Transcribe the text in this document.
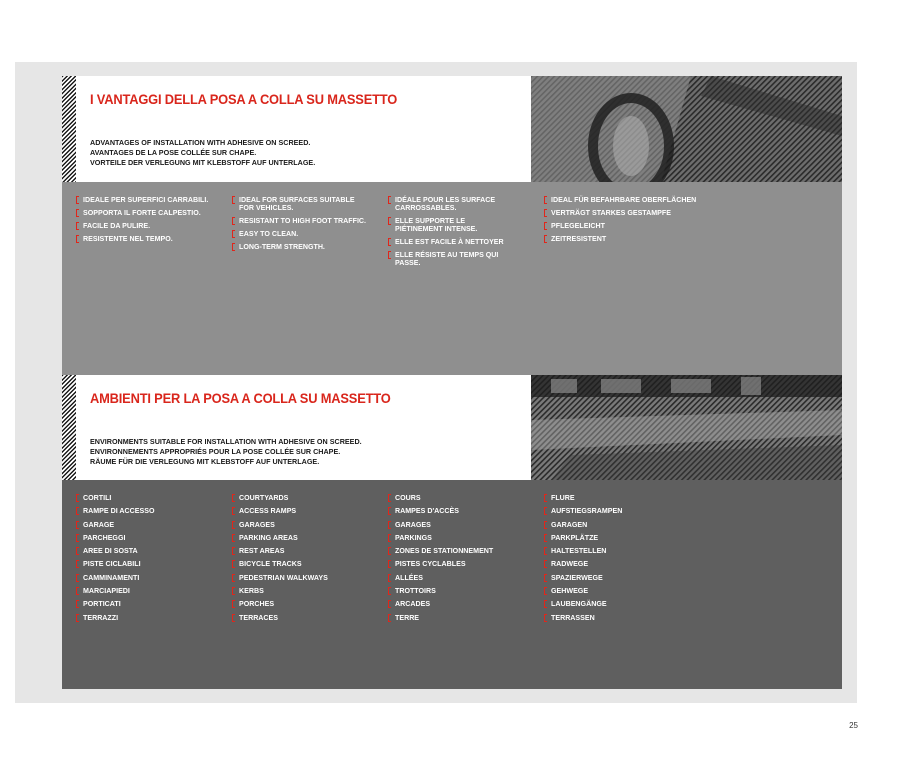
I VANTAGGI DELLA POSA A COLLA SU MASSETTO
ADVANTAGES OF INSTALLATION WITH ADHESIVE ON SCREED.
AVANTAGES DE LA POSE COLLÉE SUR CHAPE.
VORTEILE DER VERLEGUNG MIT KLEBSTOFF AUF UNTERLAGE.
IDEALE PER SUPERFICI CARRABILI.
SOPPORTA IL FORTE CALPESTIO.
FACILE DA PULIRE.
RESISTENTE NEL TEMPO.
IDEAL FOR SURFACES SUITABLE FOR VEHICLES.
RESISTANT TO HIGH FOOT TRAFFIC.
EASY TO CLEAN.
LONG-TERM STRENGTH.
IDÉALE POUR LES SURFACE CARROSSABLES.
ELLE SUPPORTE LE PIÉTINEMENT INTENSE.
ELLE EST FACILE À NETTOYER
ELLE RÉSISTE AU TEMPS QUI PASSE.
IDEAL FÜR BEFAHRBARE OBERFLÄCHEN
VERTRÄGT STARKES GESTAMPFE
PFLEGELEICHT
ZEITRESISTENT
AMBIENTI PER LA POSA A COLLA SU MASSETTO
ENVIRONMENTS SUITABLE FOR INSTALLATION WITH ADHESIVE ON SCREED.
ENVIRONNEMENTS APPROPRIÉS POUR LA POSE COLLÉE SUR CHAPE.
RÄUME FÜR DIE VERLEGUNG MIT KLEBSTOFF AUF UNTERLAGE.
CORTILI
RAMPE DI ACCESSO
GARAGE
PARCHEGGI
AREE DI SOSTA
PISTE CICLABILI
CAMMINAMENTI
MARCIAPIEDI
PORTICATI
TERRAZZI
COURTYARDS
ACCESS RAMPS
GARAGES
PARKING AREAS
REST AREAS
BICYCLE TRACKS
PEDESTRIAN WALKWAYS
KERBS
PORCHES
TERRACES
COURS
RAMPES D'ACCÈS
GARAGES
PARKINGS
ZONES DE STATIONNEMENT
PISTES CYCLABLES
ALLÉES
TROTTOIRS
ARCADES
TERRE
FLURE
AUFSTIEGSRAMPEN
GARAGEN
PARKPLÄTZE
HALTESTELLEN
RADWEGE
SPAZIERWEGE
GEHWEGE
LAUBENGÄNGE
TERRASSEN
25
